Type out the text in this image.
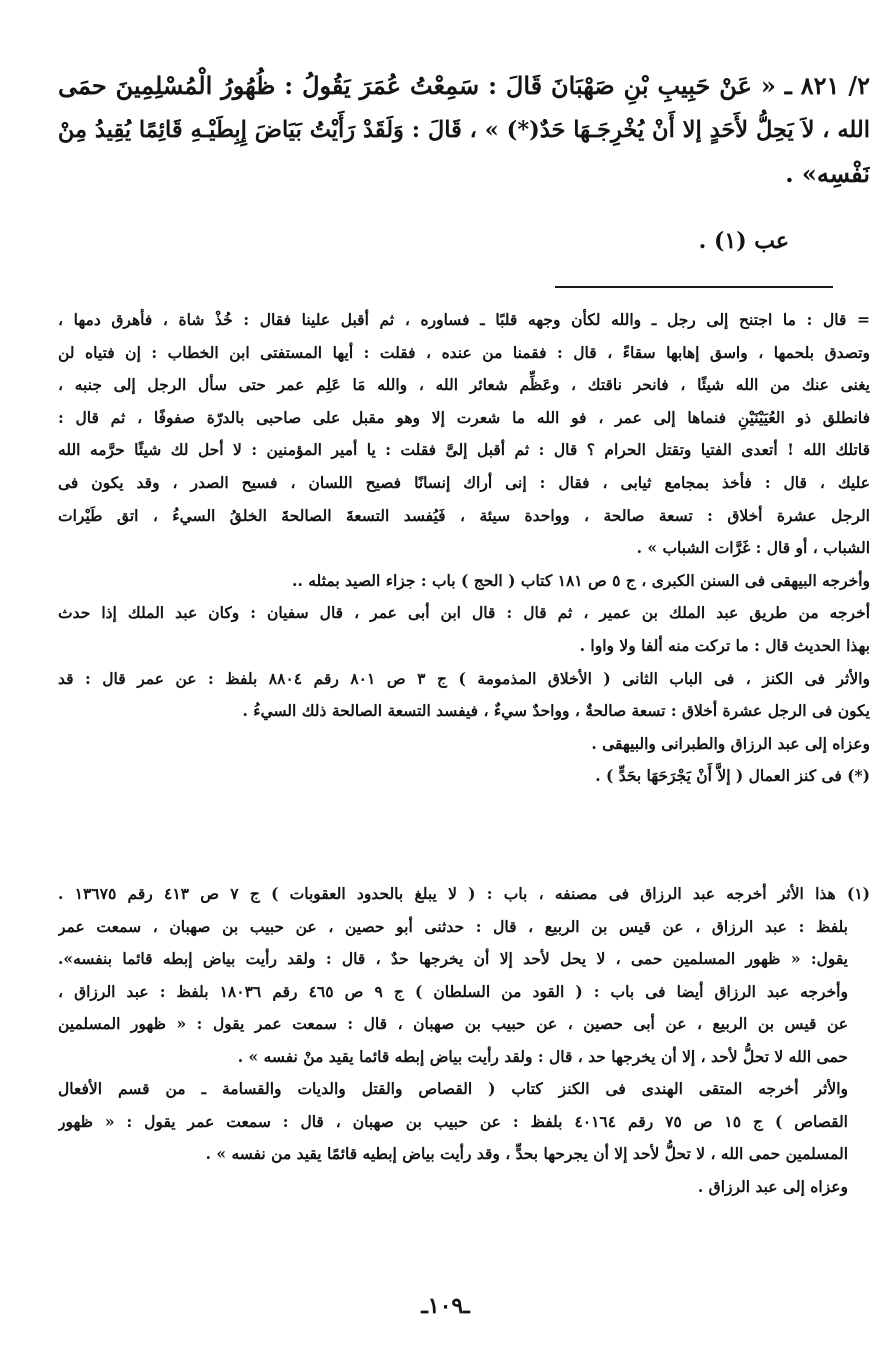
٢/ ٨٢١ ـ « عَنْ حَبِيبِ بْنِ صَهْبَانَ قَالَ : سَمِعْتُ عُمَرَ يَقُولُ : ظُهُورُ الْمُسْلِمِينَ حمَى

الله ، لاَ يَحِلُّ لأَحَدٍ إلا أَنْ يُخْرِجَـهَا حَدٌ(*) » ، قَالَ : وَلَقَدْ رَأَيْتُ بَيَاضَ إِبِطَيْـهِ قَائِمًا يُقِيدُ مِنْ

نَفْسِه» .

عب (١) .

= قال : ما اجتنح إلى رجل ـ والله لكأن وجهه قلبًا ـ فساوره ، ثم أقبل علينا فقال : خُذْ شاة ، فأهرق دمها ،

وتصدق بلحمها ، واسق إهابها سقاءً ، قال : فقمنا من عنده ، فقلت : أيها المستفتى ابن الخطاب : إن فتياه لن

يغنى عنك من الله شيئًا ، فانحر ناقتك ، وعَظِّم شعائر الله ، والله مَا عَلِم عمر حتى سأل الرجل إلى جنبه ،

فانطلق ذو العُيَيْنَيْنِ فنماها إلى عمر ، فو الله ما شعرت إلا وهو مقبل على صاحبى بالدرّة صفوفًا ، ثم قال :

قاتلك الله ! أتعدى الفتيا وتقتل الحرام ؟ قال : ثم أقبل إلىَّ فقلت : يا أمير المؤمنين : لا أحل لك شيئًا حرَّمه الله

عليك ، قال : فأخذ بمجامع ثيابى ، فقال : إنى أراك إنسانًا فصيح اللسان ، فسيح الصدر ، وقد يكون فى

الرجل عشرة أخلاق : تسعة صالحة ، وواحدة سيئة ، فَيُفسد التسعةَ الصالحةَ الخلقُ السيءُ ، اتق طَيْرات

الشباب ، أو قال : غَرَّات الشباب » .

وأخرجه البيهقى فى السنن الكبرى ، ج ٥ ص ١٨١ كتاب ( الحج ) باب : جزاء الصيد بمثله ..

أخرجه من طريق عبد الملك بن عمير ، ثم قال : قال ابن أبى عمر ، قال سفيان : وكان عبد الملك إذا حدث

بهذا الحديث قال : ما تركت منه ألفا ولا واوا .

والأثر فى الكنز ، فى الباب الثانى ( الأخلاق المذمومة ) ج ٣ ص ٨٠١ رقم ٨٨٠٤ بلفظ : عن عمر قال : قد

يكون فى الرجل عشرة أخلاق : تسعة صالحةٌ ، وواحدٌ سيءٌ ، فيفسد التسعة الصالحة ذلك السيءُ .

وعزاه إلى عبد الرزاق والطبرانى والبيهقى .

(*) فى كنز العمال ( إلاَّ أَنْ يَجْرَحَهَا بحَدٍّ ) .

(١) هذا الأثر أخرجه عبد الرزاق فى مصنفه ، باب : ( لا يبلغ بالحدود العقوبات ) ج ٧ ص ٤١٣ رقم ١٣٦٧٥ .

بلفظ : عبد الرزاق ، عن قيس بن الربيع ، قال : حدثنى أبو حصين ، عن حبيب بن صهبان ، سمعت عمر

يقول: « ظهور المسلمين حمى ، لا يحل لأحد إلا أن يخرجها حدٌ ، قال : ولقد رأيت بياض إبطه قائما بنفسه».

وأخرجه عبد الرزاق أيضا فى باب : ( القود من السلطان ) ج ٩ ص ٤٦٥ رقم ١٨٠٣٦ بلفظ : عبد الرزاق ،

عن قيس بن الربيع ، عن أبى حصين ، عن حبيب بن صهبان ، قال : سمعت عمر يقول : « ظهور المسلمين

حمى الله لا تحلُّ لأحد ، إلا أن يخرجها حد ، قال : ولقد رأيت بياض إبطه قائما يقيد منْ نفسه » .

والأثر أخرجه المتقى الهندى فى الكنز كتاب ( القصاص والقتل والديات والقسامة ـ من قسم الأفعال

القصاص ) ج ١٥ ص ٧٥ رقم ٤٠١٦٤ بلفظ : عن حبيب بن صهبان ، قال : سمعت عمر يقول : « ظهور

المسلمين حمى الله ، لا تحلُّ لأحد إلا أن يجرحها بحدٍّ ، وقد رأيت بياض إبطيه قائمًا يقيد من نفسه » .

وعزاه إلى عبد الرزاق .

ـ١٠٩ـ
